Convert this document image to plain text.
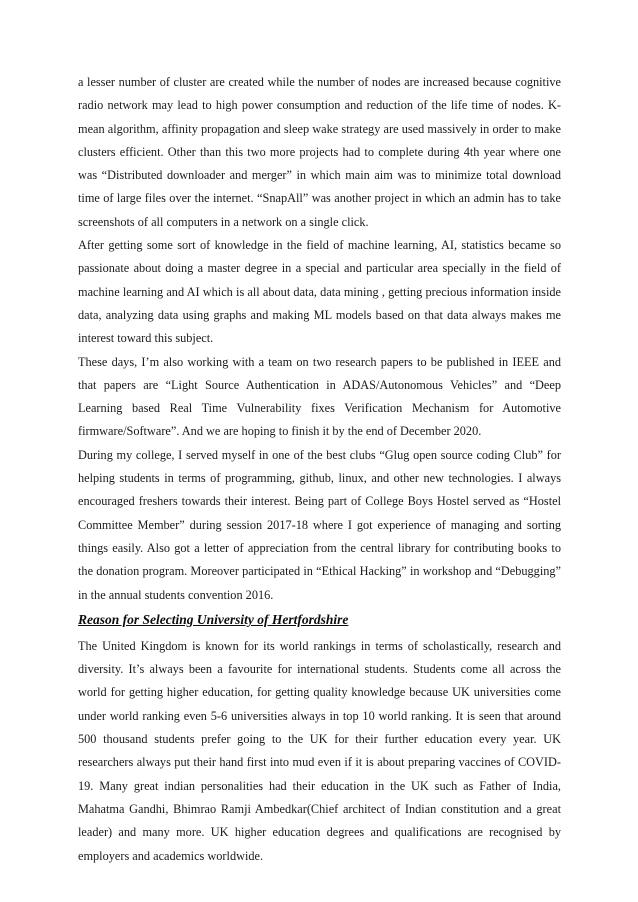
a lesser number of cluster are created while the number of nodes are increased because cognitive radio network may lead to high power consumption and reduction of the life time of nodes. K-mean algorithm, affinity propagation and sleep wake strategy are used massively in order to make clusters efficient. Other than this two more projects had to complete during 4th year where one was “Distributed downloader and merger” in which main aim was to minimize total download time of large files over the internet. “SnapAll” was another project in which an admin has to take screenshots of all computers in a network on a single click.

After getting some sort of knowledge in the field of machine learning, AI, statistics became so passionate about doing a master degree in a special and particular area specially in the field of machine learning and AI which is all about data, data mining , getting precious information inside data, analyzing data using graphs and making ML models based on that data always makes me interest toward this subject.

These days, I’m also working with a team on two research papers to be published in IEEE and that papers are “Light Source Authentication in ADAS/Autonomous Vehicles” and “Deep Learning based Real Time Vulnerability fixes Verification Mechanism for Automotive firmware/Software”. And we are hoping to finish it by the end of December 2020.

During my college, I served myself in one of the best clubs “Glug open source coding Club” for helping students in terms of programming, github, linux, and other new technologies. I always encouraged freshers towards their interest. Being part of College Boys Hostel served as “Hostel Committee Member” during session 2017-18 where I got experience of managing and sorting things easily. Also got a letter of appreciation from the central library for contributing books to the donation program. Moreover participated in “Ethical Hacking” in workshop and “Debugging” in the annual students convention 2016.

Reason for Selecting University of Hertfordshire

The United Kingdom is known for its world rankings in terms of scholastically, research and diversity. It’s always been a favourite for international students. Students come all across the world for getting higher education, for getting quality knowledge because UK universities come under world ranking even 5-6 universities always in top 10 world ranking. It is seen that around 500 thousand students prefer going to the UK for their further education every year. UK researchers always put their hand first into mud even if it is about preparing vaccines of COVID-19. Many great indian personalities had their education in the UK such as Father of India, Mahatma Gandhi, Bhimrao Ramji Ambedkar(Chief architect of Indian constitution and a great leader) and many more. UK higher education degrees and qualifications are recognised by employers and academics worldwide.
